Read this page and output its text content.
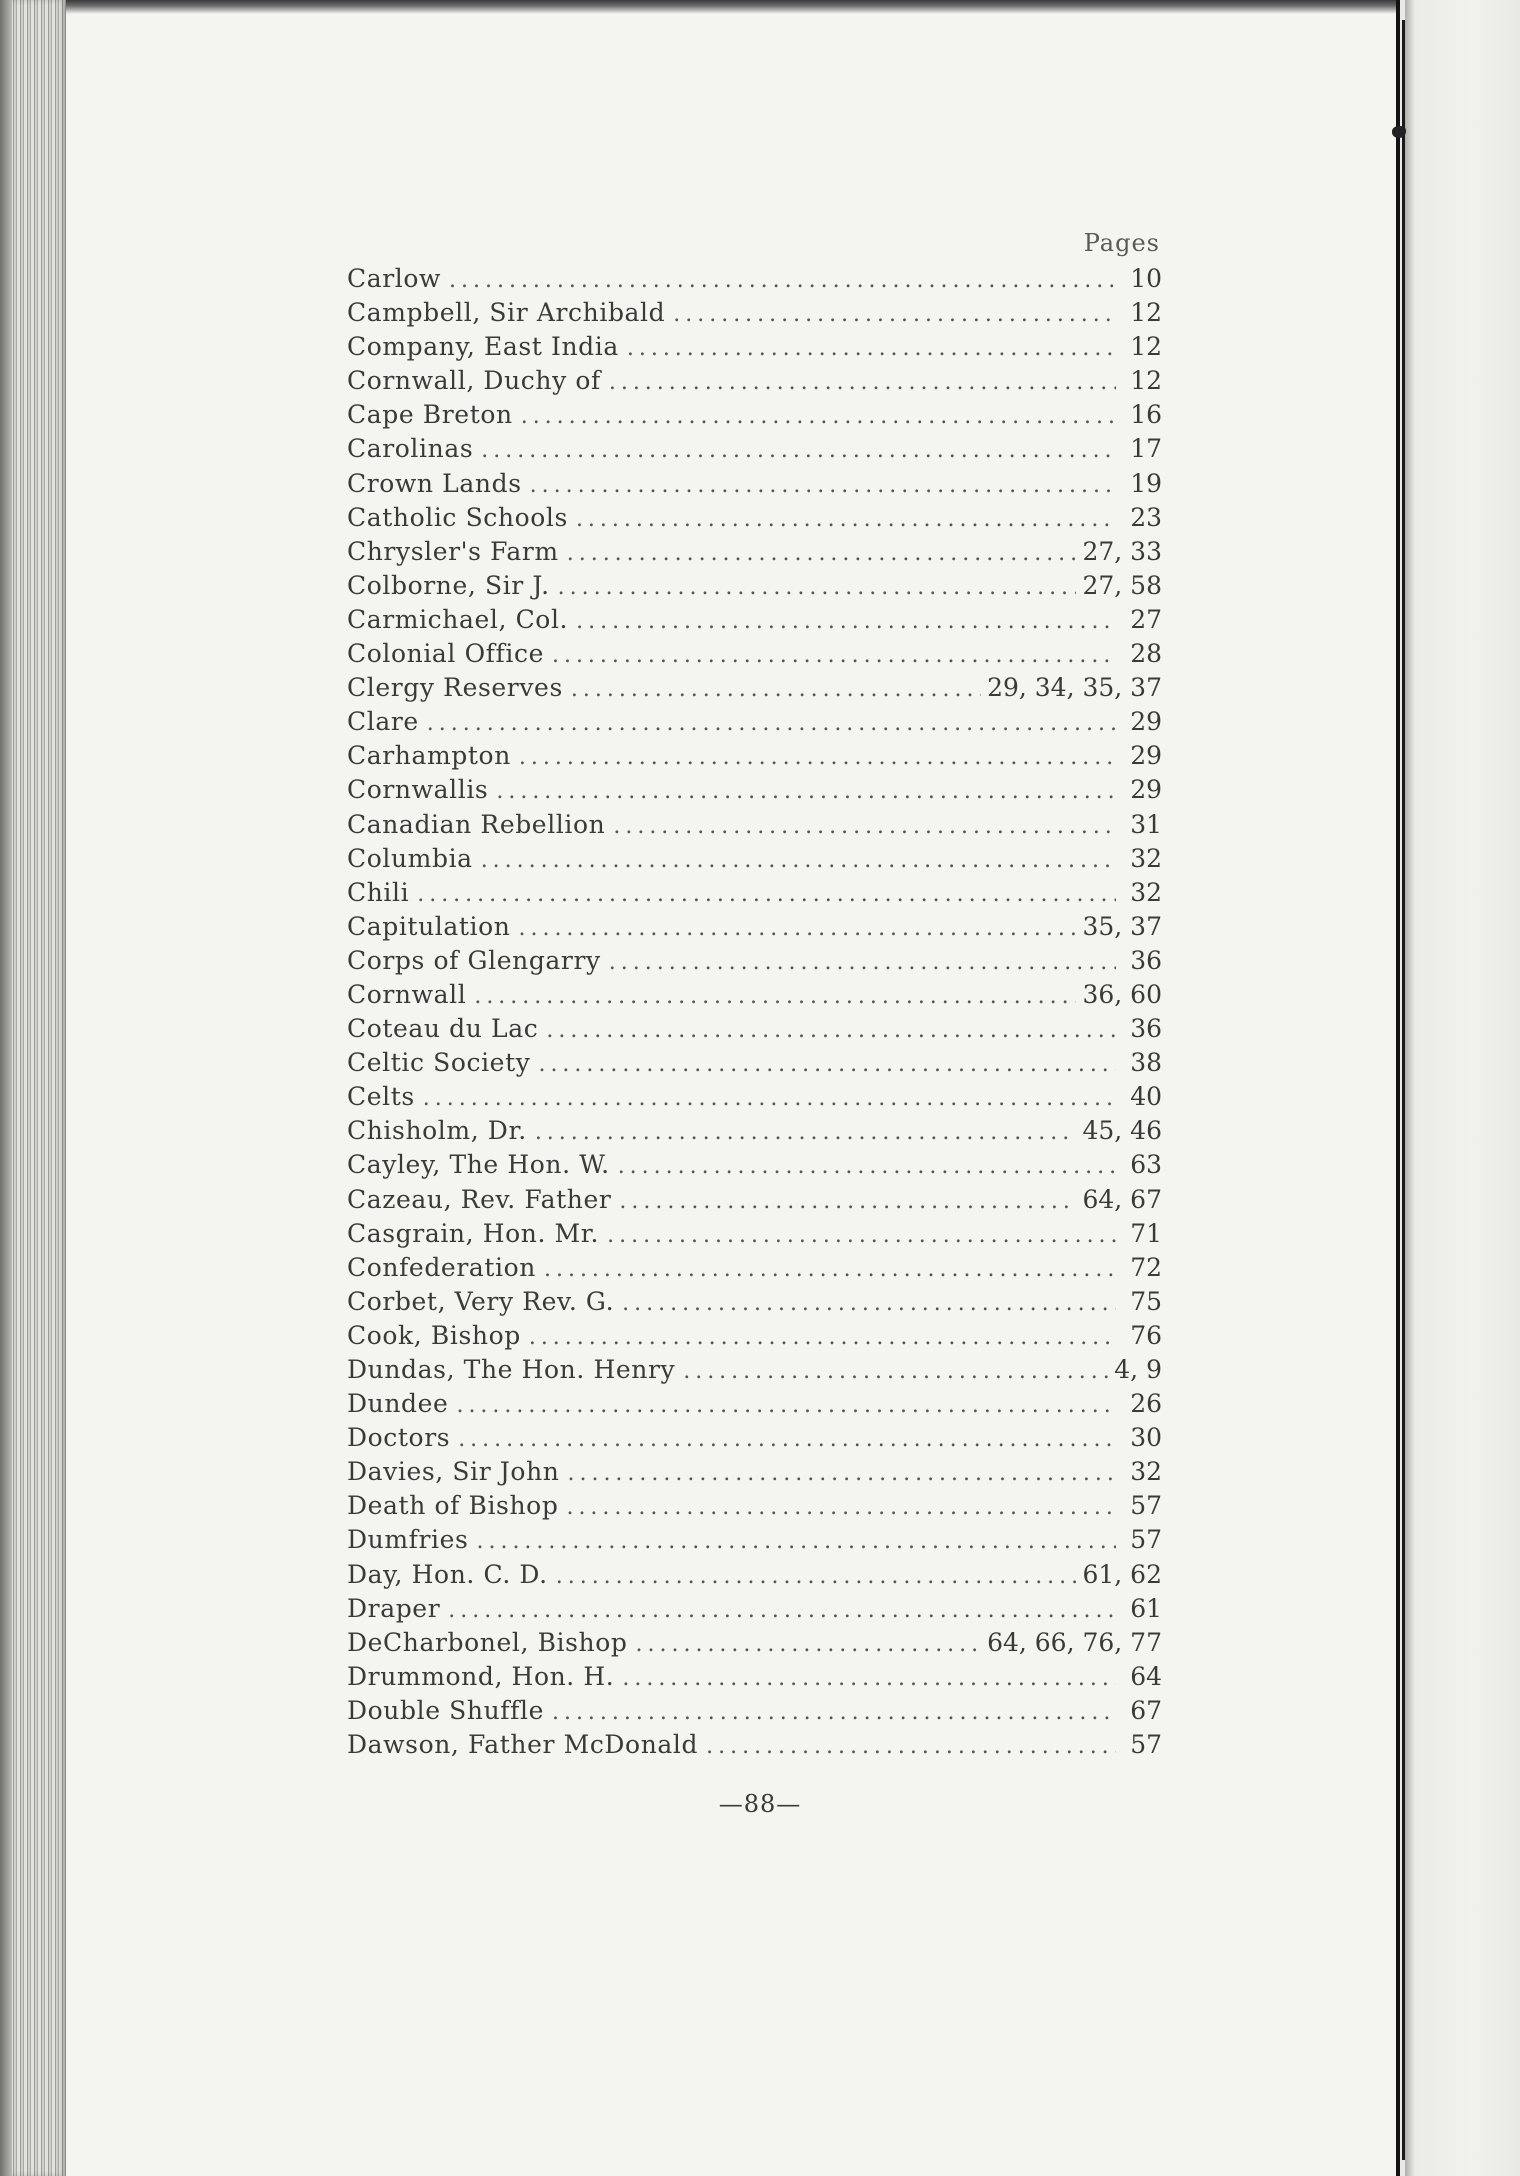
Pages
Carlow . . .	10
Campbell, Sir Archibald . . .	12
Company, East India . . .	12
Cornwall, Duchy of . . .	12
Cape Breton . . .	16
Carolinas . . .	17
Crown Lands . . .	19
Catholic Schools . . .	23
Chrysler's Farm . . .	27, 33
Colborne, Sir J. . . .	27, 58
Carmichael, Col. . . .	27
Colonial Office . . .	28
Clergy Reserves . . .	29, 34, 35, 37
Clare . . .	29
Carhampton . . .	29
Cornwallis . . .	29
Canadian Rebellion . . .	31
Columbia . . .	32
Chili . . .	32
Capitulation . . .	35, 37
Corps of Glengarry . . .	36
Cornwall . . .	36, 60
Coteau du Lac . . .	36
Celtic Society . . .	38
Celts . . .	40
Chisholm, Dr. . . .	45, 46
Cayley, The Hon. W. . . .	63
Cazeau, Rev. Father . . .	64, 67
Casgrain, Hon. Mr. . . .	71
Confederation . . .	72
Corbet, Very Rev. G. . . .	75
Cook, Bishop . . .	76
Dundas, The Hon. Henry . . .	4, 9
Dundee . . .	26
Doctors . . .	30
Davies, Sir John . . .	32
Death of Bishop . . .	57
Dumfries . . .	57
Day, Hon. C. D. . . .	61, 62
Draper . . .	61
DeCharbonel, Bishop . . .	64, 66, 76, 77
Drummond, Hon. H. . . .	64
Double Shuffle . . .	67
Dawson, Father McDonald . . .	57
—88—
